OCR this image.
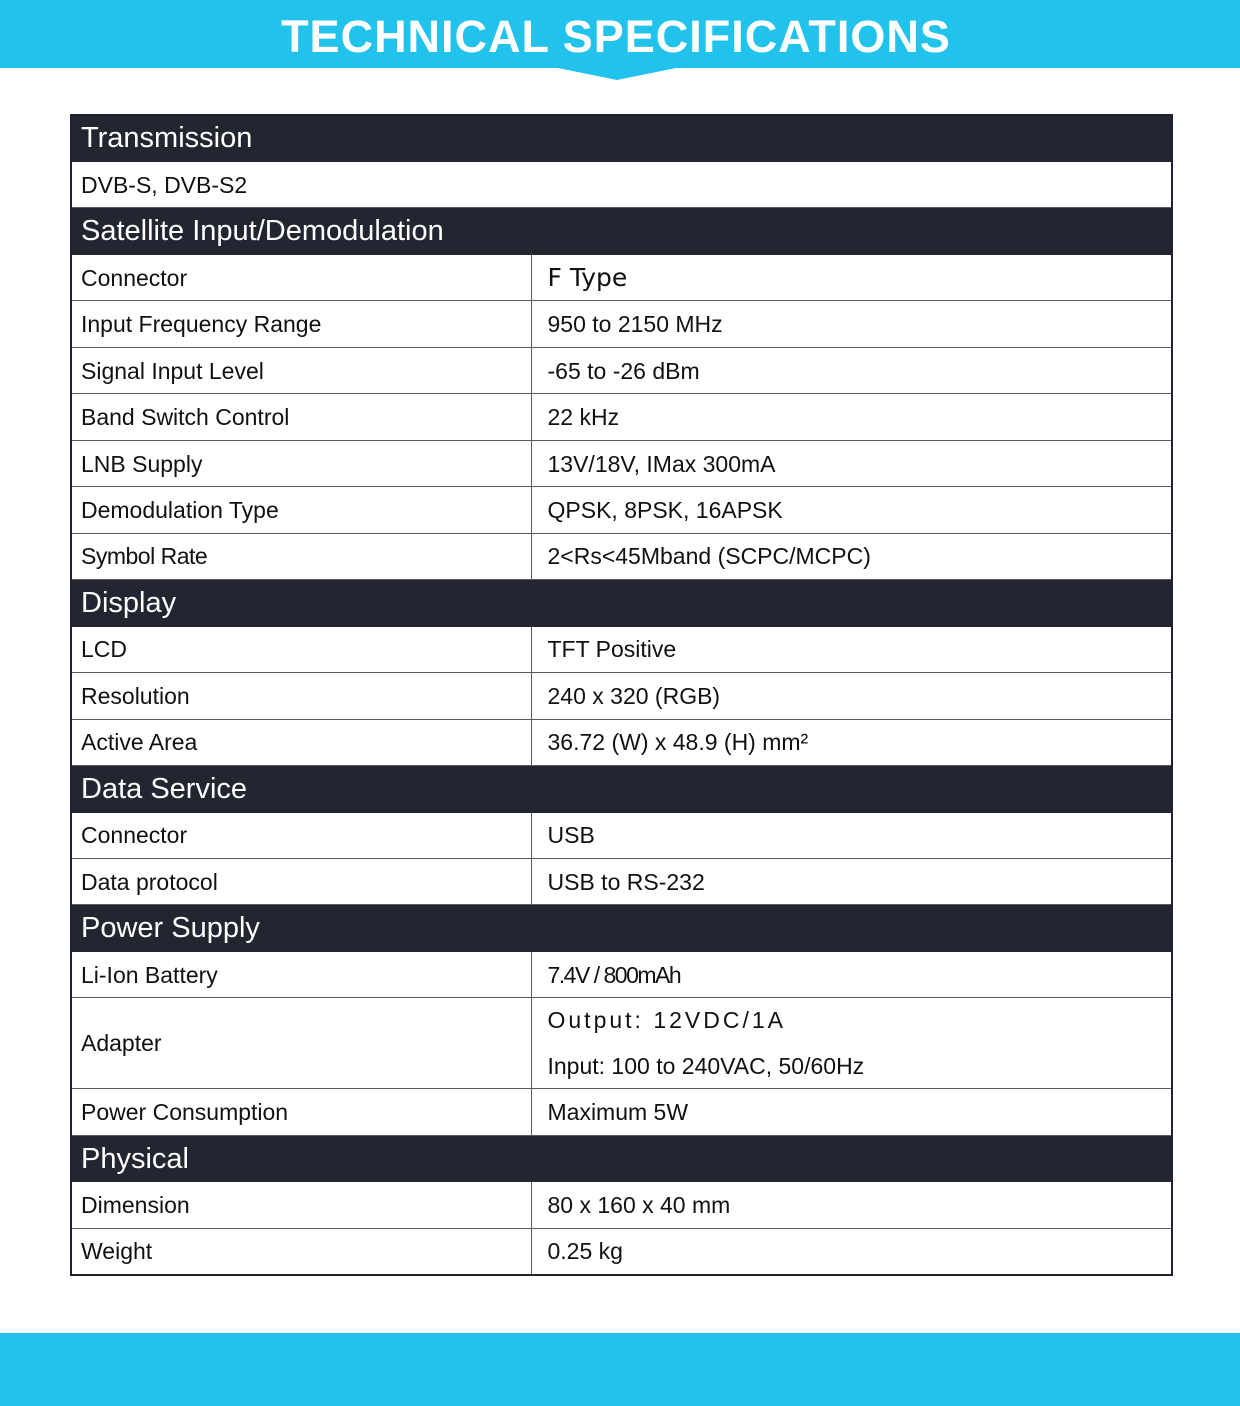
TECHNICAL SPECIFICATIONS
Transmission	
DVB-S, DVB-S2	
Satellite Input/Demodulation	
Connector	F Type
Input Frequency Range	950 to 2150 MHz
Signal Input Level	-65 to -26 dBm
Band Switch Control	22 kHz
LNB Supply	13V/18V, IMax 300mA
Demodulation Type	QPSK, 8PSK, 16APSK
Symbol Rate	2<Rs<45Mband (SCPC/MCPC)
Display	
LCD	TFT Positive
Resolution	240 x 320 (RGB)
Active Area	36.72 (W) x 48.9 (H) mm²
Data Service	
Connector	USB
Data protocol	USB to RS-232
Power Supply	
Li-Ion Battery	7.4V / 800mAh
Adapter	Output: 12VDC/1A
Input: 100 to 240VAC, 50/60Hz

Power Consumption	Maximum 5W
Physical	
Dimension	80 x 160 x 40 mm
Weight	0.25 kg
